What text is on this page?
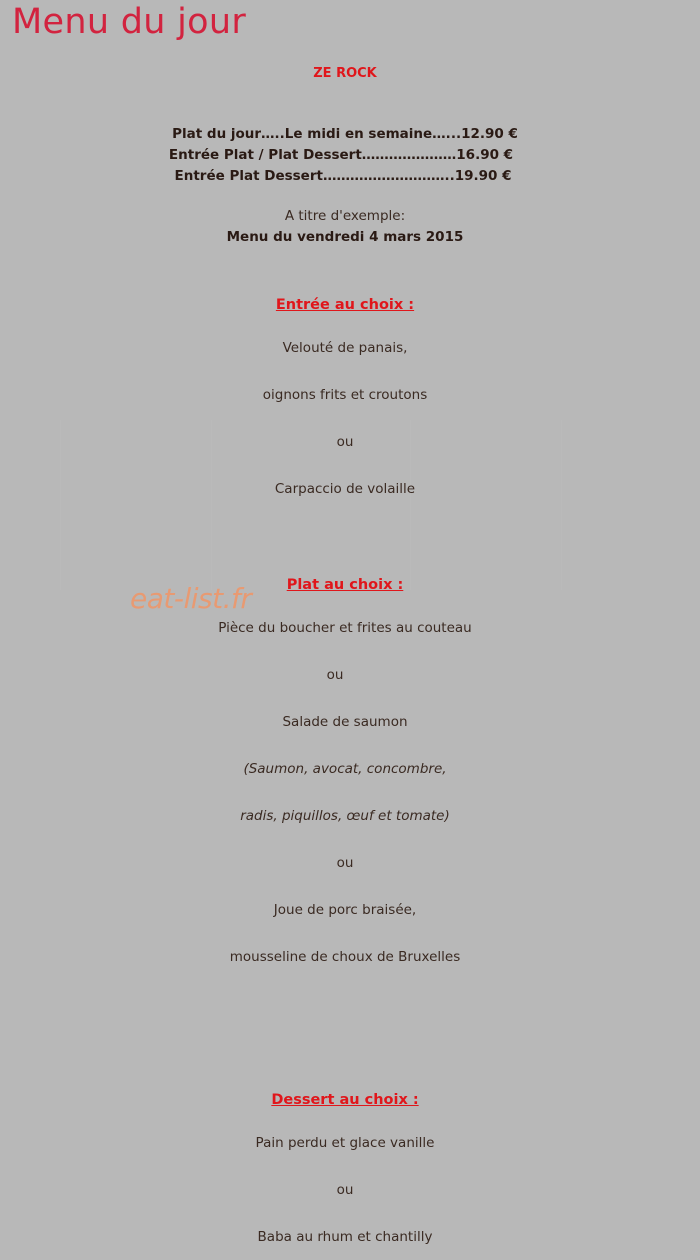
Menu du jour
ZE ROCK
Plat du jour…..Le midi en semaine…...12.90 €
Entrée Plat / Plat Dessert…………………16.90 €
Entrée Plat Dessert………………………..19.90 €
A titre d'exemple:
Menu du vendredi 4 mars 2015
Entrée au choix :
Velouté de panais,
oignons frits et croutons
ou
Carpaccio de volaille
Plat au choix :
eat-list.fr
Pièce du boucher et frites au couteau
ou
Salade de saumon
(Saumon, avocat, concombre,
radis, piquillos, œuf et tomate)
ou
Joue de porc braisée,
mousseline de choux de Bruxelles
Dessert au choix :
Pain perdu et glace vanille
ou
Baba au rhum et chantilly
